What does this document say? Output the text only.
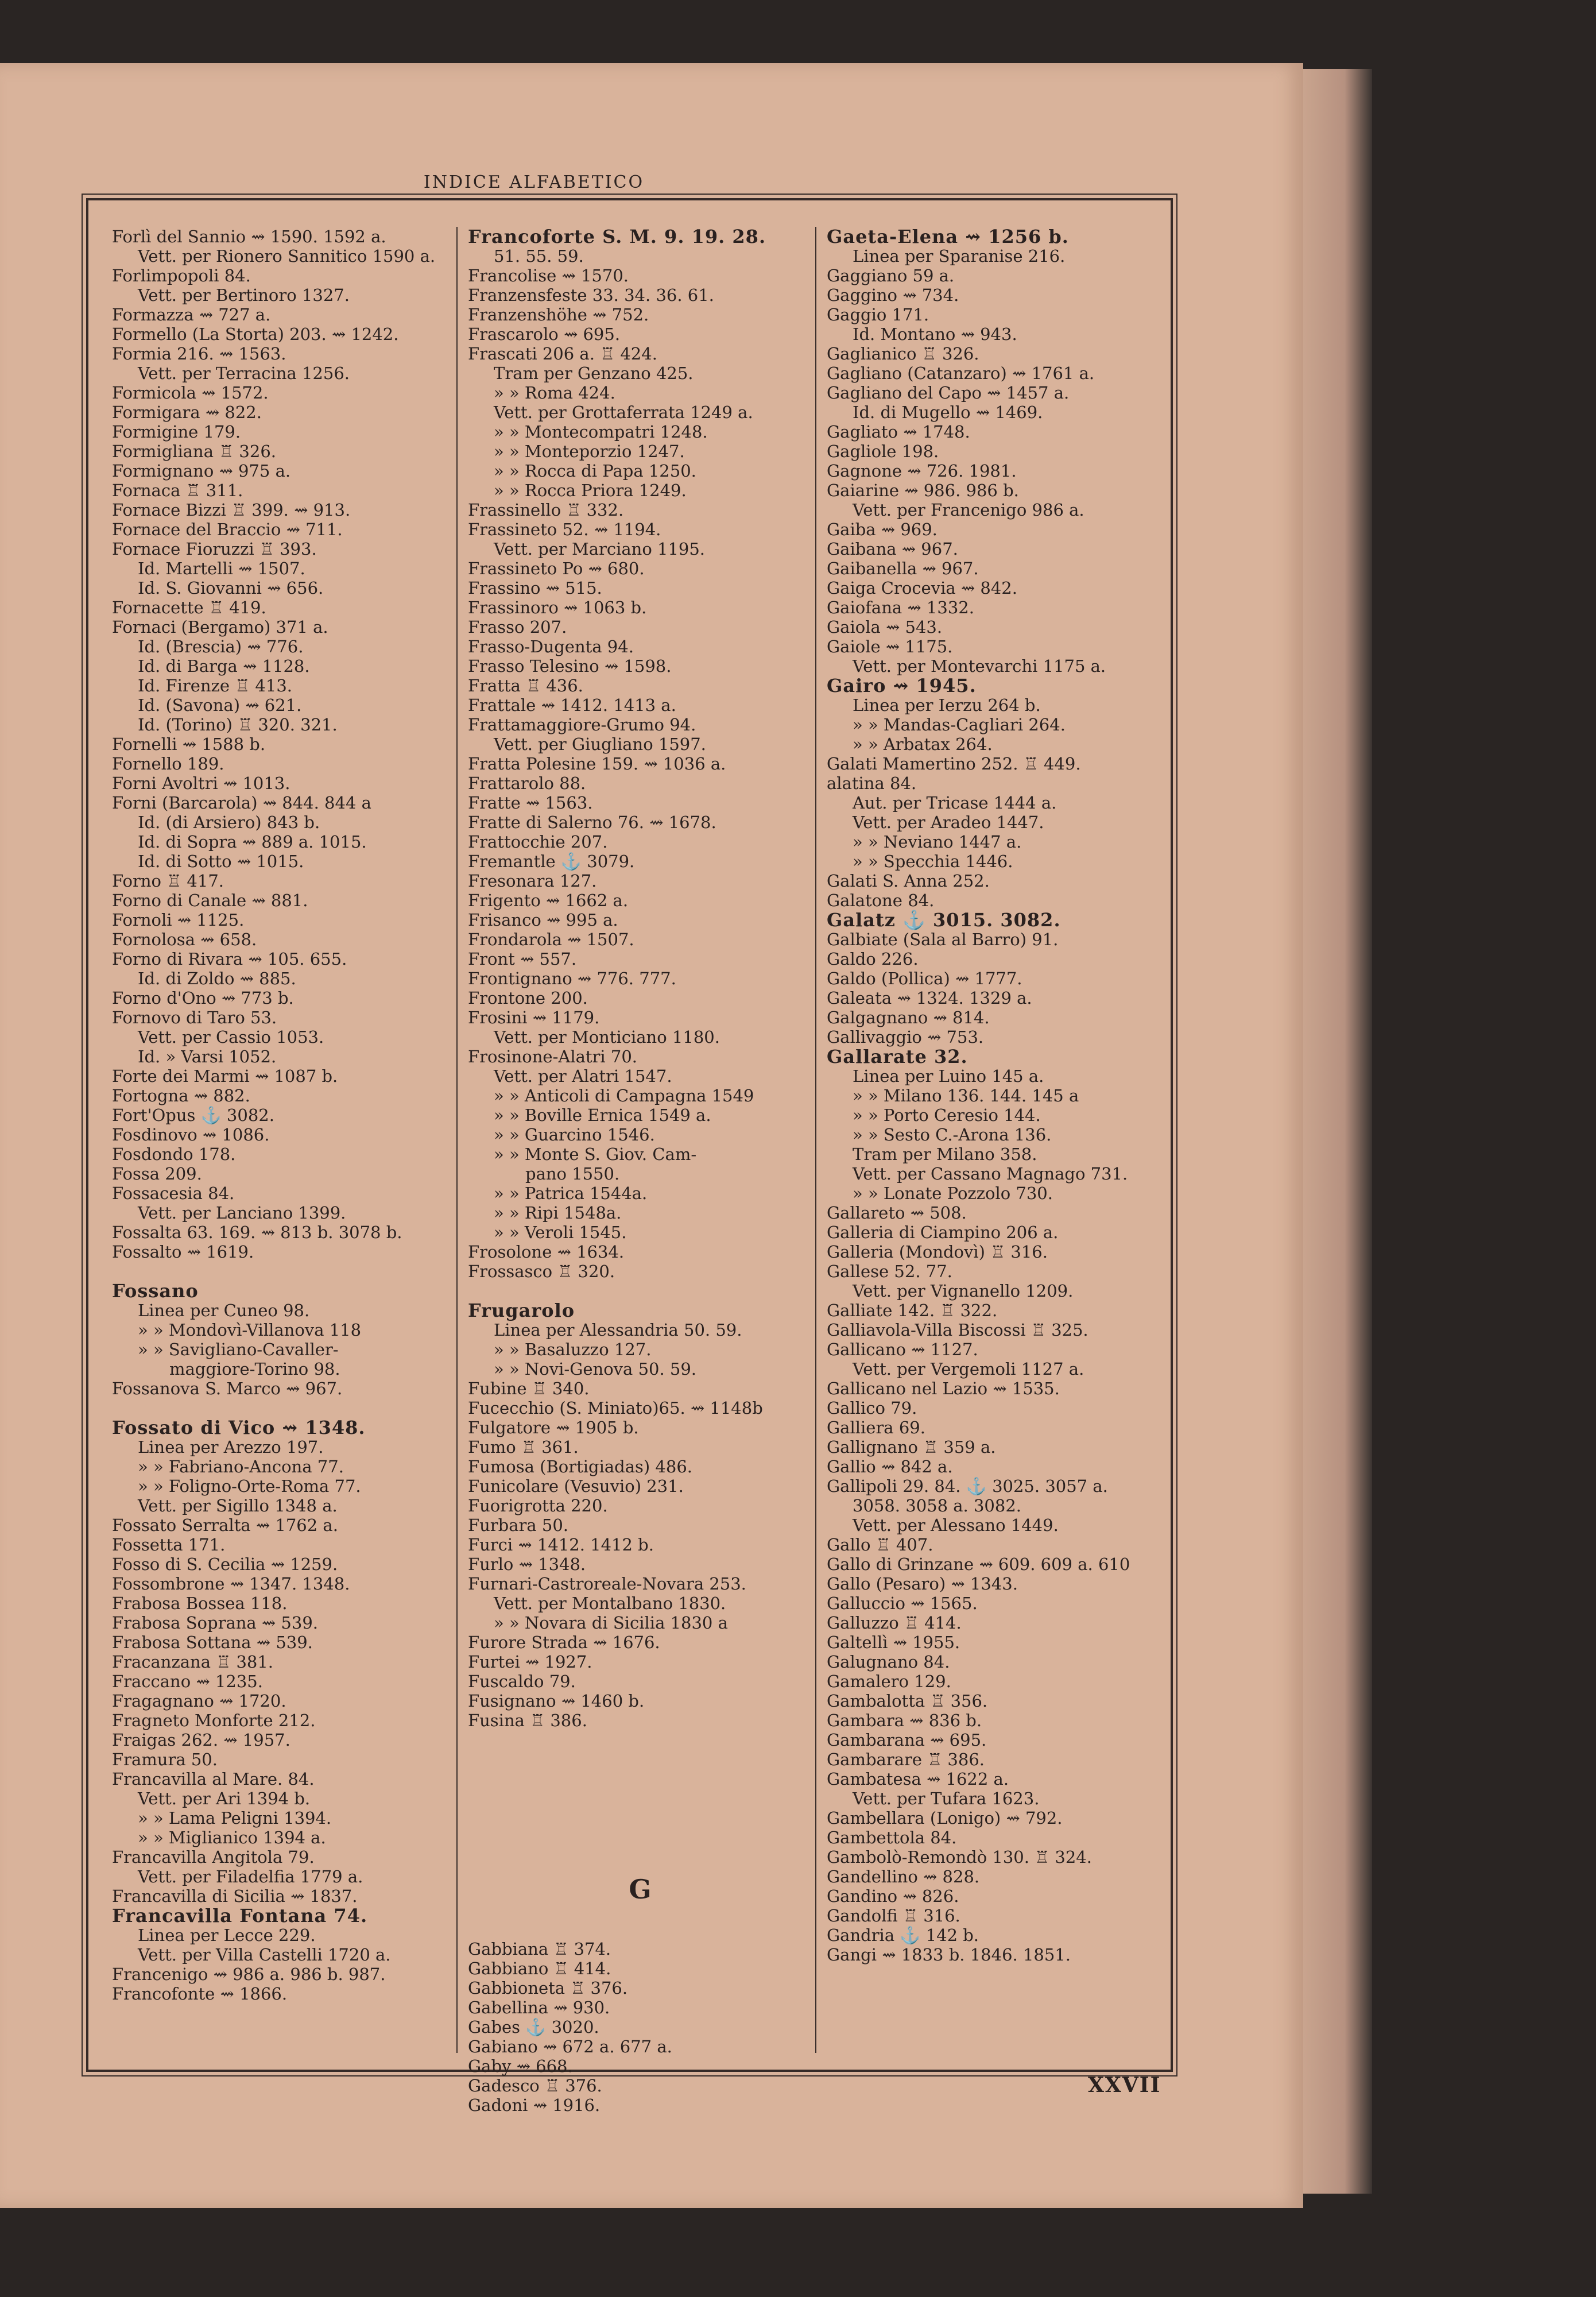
INDICE ALFABETICO
Forlì del Sannio ⇝ 1590. 1592 a.
Vett. per Rionero Sannitico 1590 a.
Forlimpopoli 84.
Vett. per Bertinoro 1327.
Formazza ⇝ 727 a.
Formello (La Storta) 203. ⇝ 1242.
Formia 216. ⇝ 1563.
Vett. per Terracina 1256.
Formicola ⇝ 1572.
Formigara ⇝ 822.
Formigine 179.
Formigliana ♖ 326.
Formignano ⇝ 975 a.
Fornaca ♖ 311.
Fornace Bizzi ♖ 399. ⇝ 913.
Fornace del Braccio ⇝ 711.
Fornace Fioruzzi ♖ 393.
Id. Martelli ⇝ 1507.
Id. S. Giovanni ⇝ 656.
Fornacette ♖ 419.
Fornaci (Bergamo) 371 a.
Id. (Brescia) ⇝ 776.
Id. di Barga ⇝ 1128.
Id. Firenze ♖ 413.
Id. (Savona) ⇝ 621.
Id. (Torino) ♖ 320. 321.
Fornelli ⇝ 1588 b.
Fornello 189.
Forni Avoltri ⇝ 1013.
Forni (Barcarola) ⇝ 844. 844 a
Id. (di Arsiero) 843 b.
Id. di Sopra ⇝ 889 a. 1015.
Id. di Sotto ⇝ 1015.
Forno ♖ 417.
Forno di Canale ⇝ 881.
Fornoli ⇝ 1125.
Fornolosa ⇝ 658.
Forno di Rivara ⇝ 105. 655.
Id. di Zoldo ⇝ 885.
Forno d'Ono ⇝ 773 b.
Fornovo di Taro 53.
Vett. per Cassio 1053.
Id. » Varsi 1052.
Forte dei Marmi ⇝ 1087 b.
Fortogna ⇝ 882.
Fort'Opus ⚓ 3082.
Fosdinovo ⇝ 1086.
Fosdondo 178.
Fossa 209.
Fossacesia 84.
Vett. per Lanciano 1399.
Fossalta 63. 169. ⇝ 813 b. 3078 b.
Fossalto ⇝ 1619.
Fossano
Linea per Cuneo 98.
» » Mondovì-Villanova 118
» » Savigliano-Cavaller-
maggiore-Torino 98.
Fossanova S. Marco ⇝ 967.
Fossato di Vico ⇝ 1348.
Linea per Arezzo 197.
» » Fabriano-Ancona 77.
» » Foligno-Orte-Roma 77.
Vett. per Sigillo 1348 a.
Fossato Serralta ⇝ 1762 a.
Fossetta 171.
Fosso di S. Cecilia ⇝ 1259.
Fossombrone ⇝ 1347. 1348.
Frabosa Bossea 118.
Frabosa Soprana ⇝ 539.
Frabosa Sottana ⇝ 539.
Fracanzana ♖ 381.
Fraccano ⇝ 1235.
Fragagnano ⇝ 1720.
Fragneto Monforte 212.
Fraigas 262. ⇝ 1957.
Framura 50.
Francavilla al Mare. 84.
Vett. per Ari 1394 b.
» » Lama Peligni 1394.
» » Miglianico 1394 a.
Francavilla Angitola 79.
Vett. per Filadelfia 1779 a.
Francavilla di Sicilia ⇝ 1837.
Francavilla Fontana 74.
Linea per Lecce 229.
Vett. per Villa Castelli 1720 a.
Francenigo ⇝ 986 a. 986 b. 987.
Francofonte ⇝ 1866.
Francoforte S. M. 9. 19. 28.
51. 55. 59.
Francolise ⇝ 1570.
Franzensfeste 33. 34. 36. 61.
Franzenshöhe ⇝ 752.
Frascarolo ⇝ 695.
Frascati 206 a. ♖ 424.
Tram per Genzano 425.
» » Roma 424.
Vett. per Grottaferrata 1249 a.
» » Montecompatri 1248.
» » Monteporzio 1247.
» » Rocca di Papa 1250.
» » Rocca Priora 1249.
Frassinello ♖ 332.
Frassineto 52. ⇝ 1194.
Vett. per Marciano 1195.
Frassineto Po ⇝ 680.
Frassino ⇝ 515.
Frassinoro ⇝ 1063 b.
Frasso 207.
Frasso-Dugenta 94.
Frasso Telesino ⇝ 1598.
Fratta ♖ 436.
Frattale ⇝ 1412. 1413 a.
Frattamaggiore-Grumo 94.
Vett. per Giugliano 1597.
Fratta Polesine 159. ⇝ 1036 a.
Frattarolo 88.
Fratte ⇝ 1563.
Fratte di Salerno 76. ⇝ 1678.
Frattocchie 207.
Fremantle ⚓ 3079.
Fresonara 127.
Frigento ⇝ 1662 a.
Frisanco ⇝ 995 a.
Frondarola ⇝ 1507.
Front ⇝ 557.
Frontignano ⇝ 776. 777.
Frontone 200.
Frosini ⇝ 1179.
Vett. per Monticiano 1180.
Frosinone-Alatri 70.
Vett. per Alatri 1547.
» » Anticoli di Campagna 1549
» » Boville Ernica 1549 a.
» » Guarcino 1546.
» » Monte S. Giov. Cam-
pano 1550.
» » Patrica 1544a.
» » Ripi 1548a.
» » Veroli 1545.
Frosolone ⇝ 1634.
Frossasco ♖ 320.
Frugarolo
Linea per Alessandria 50. 59.
» » Basaluzzo 127.
» » Novi-Genova 50. 59.
Fubine ♖ 340.
Fucecchio (S. Miniato)65. ⇝ 1148b
Fulgatore ⇝ 1905 b.
Fumo ♖ 361.
Fumosa (Bortigiadas) 486.
Funicolare (Vesuvio) 231.
Fuorigrotta 220.
Furbara 50.
Furci ⇝ 1412. 1412 b.
Furlo ⇝ 1348.
Furnari-Castroreale-Novara 253.
Vett. per Montalbano 1830.
» » Novara di Sicilia 1830 a
Furore Strada ⇝ 1676.
Furtei ⇝ 1927.
Fuscaldo 79.
Fusignano ⇝ 1460 b.
Fusina ♖ 386.
G
Gabbiana ♖ 374.
Gabbiano ♖ 414.
Gabbioneta ♖ 376.
Gabellina ⇝ 930.
Gabes ⚓ 3020.
Gabiano ⇝ 672 a. 677 a.
Gaby ⇝ 668.
Gadesco ♖ 376.
Gadoni ⇝ 1916.
Gaeta-Elena ⇝ 1256 b.
Linea per Sparanise 216.
Gaggiano 59 a.
Gaggino ⇝ 734.
Gaggio 171.
Id. Montano ⇝ 943.
Gaglianico ♖ 326.
Gagliano (Catanzaro) ⇝ 1761 a.
Gagliano del Capo ⇝ 1457 a.
Id. di Mugello ⇝ 1469.
Gagliato ⇝ 1748.
Gagliole 198.
Gagnone ⇝ 726. 1981.
Gaiarine ⇝ 986. 986 b.
Vett. per Francenigo 986 a.
Gaiba ⇝ 969.
Gaibana ⇝ 967.
Gaibanella ⇝ 967.
Gaiga Crocevia ⇝ 842.
Gaiofana ⇝ 1332.
Gaiola ⇝ 543.
Gaiole ⇝ 1175.
Vett. per Montevarchi 1175 a.
Gairo ⇝ 1945.
Linea per Ierzu 264 b.
» » Mandas-Cagliari 264.
» » Arbatax 264.
Galati Mamertino 252. ♖ 449.
alatina 84.
Aut. per Tricase 1444 a.
Vett. per Aradeo 1447.
» » Neviano 1447 a.
» » Specchia 1446.
Galati S. Anna 252.
Galatone 84.
Galatz ⚓ 3015. 3082.
Galbiate (Sala al Barro) 91.
Galdo 226.
Galdo (Pollica) ⇝ 1777.
Galeata ⇝ 1324. 1329 a.
Galgagnano ⇝ 814.
Gallivaggio ⇝ 753.
Gallarate 32.
Linea per Luino 145 a.
» » Milano 136. 144. 145 a
» » Porto Ceresio 144.
» » Sesto C.-Arona 136.
Tram per Milano 358.
Vett. per Cassano Magnago 731.
» » Lonate Pozzolo 730.
Gallareto ⇝ 508.
Galleria di Ciampino 206 a.
Galleria (Mondovì) ♖ 316.
Gallese 52. 77.
Vett. per Vignanello 1209.
Galliate 142. ♖ 322.
Galliavola-Villa Biscossi ♖ 325.
Gallicano ⇝ 1127.
Vett. per Vergemoli 1127 a.
Gallicano nel Lazio ⇝ 1535.
Gallico 79.
Galliera 69.
Gallignano ♖ 359 a.
Gallio ⇝ 842 a.
Gallipoli 29. 84. ⚓ 3025. 3057 a.
3058. 3058 a. 3082.
Vett. per Alessano 1449.
Gallo ♖ 407.
Gallo di Grinzane ⇝ 609. 609 a. 610
Gallo (Pesaro) ⇝ 1343.
Galluccio ⇝ 1565.
Galluzzo ♖ 414.
Galtellì ⇝ 1955.
Galugnano 84.
Gamalero 129.
Gambalotta ♖ 356.
Gambara ⇝ 836 b.
Gambarana ⇝ 695.
Gambarare ♖ 386.
Gambatesa ⇝ 1622 a.
Vett. per Tufara 1623.
Gambellara (Lonigo) ⇝ 792.
Gambettola 84.
Gambolò-Remondò 130. ♖ 324.
Gandellino ⇝ 828.
Gandino ⇝ 826.
Gandolfi ♖ 316.
Gandria ⚓ 142 b.
Gangi ⇝ 1833 b. 1846. 1851.
XXVII
